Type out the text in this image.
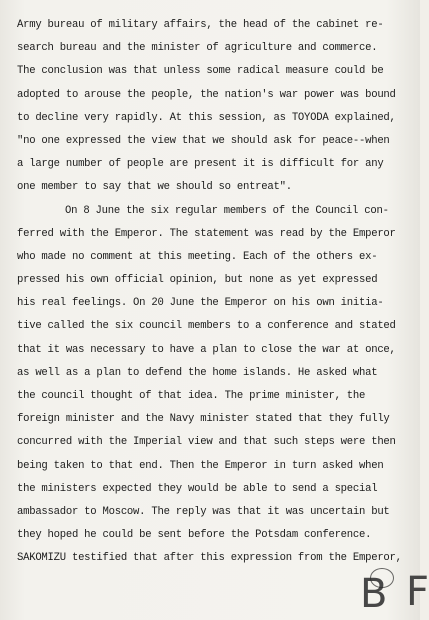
Army bureau of military affairs, the head of the cabinet re-
search bureau and the minister of agriculture and commerce.
The conclusion was that unless some radical measure could be
adopted to arouse the people, the nation's war power was bound
to decline very rapidly. At this session, as TOYODA explained,
"no one expressed the view that we should ask for peace--when
a large number of people are present it is difficult for any
one member to say that we should so entreat".
On 8 June the six regular members of the Council con-
ferred with the Emperor. The statement was read by the Emperor
who made no comment at this meeting. Each of the others ex-
pressed his own official opinion, but none as yet expressed
his real feelings. On 20 June the Emperor on his own initia-
tive called the six council members to a conference and stated
that it was necessary to have a plan to close the war at once,
as well as a plan to defend the home islands. He asked what
the council thought of that idea. The prime minister, the
foreign minister and the Navy minister stated that they fully
concurred with the Imperial view and that such steps were then
being taken to that end. Then the Emperor in turn asked when
the ministers expected they would be able to send a special
ambassador to Moscow. The reply was that it was uncertain but
they hoped he could be sent before the Potsdam conference.
SAKOMIZU testified that after this expression from the Emperor,
B F
